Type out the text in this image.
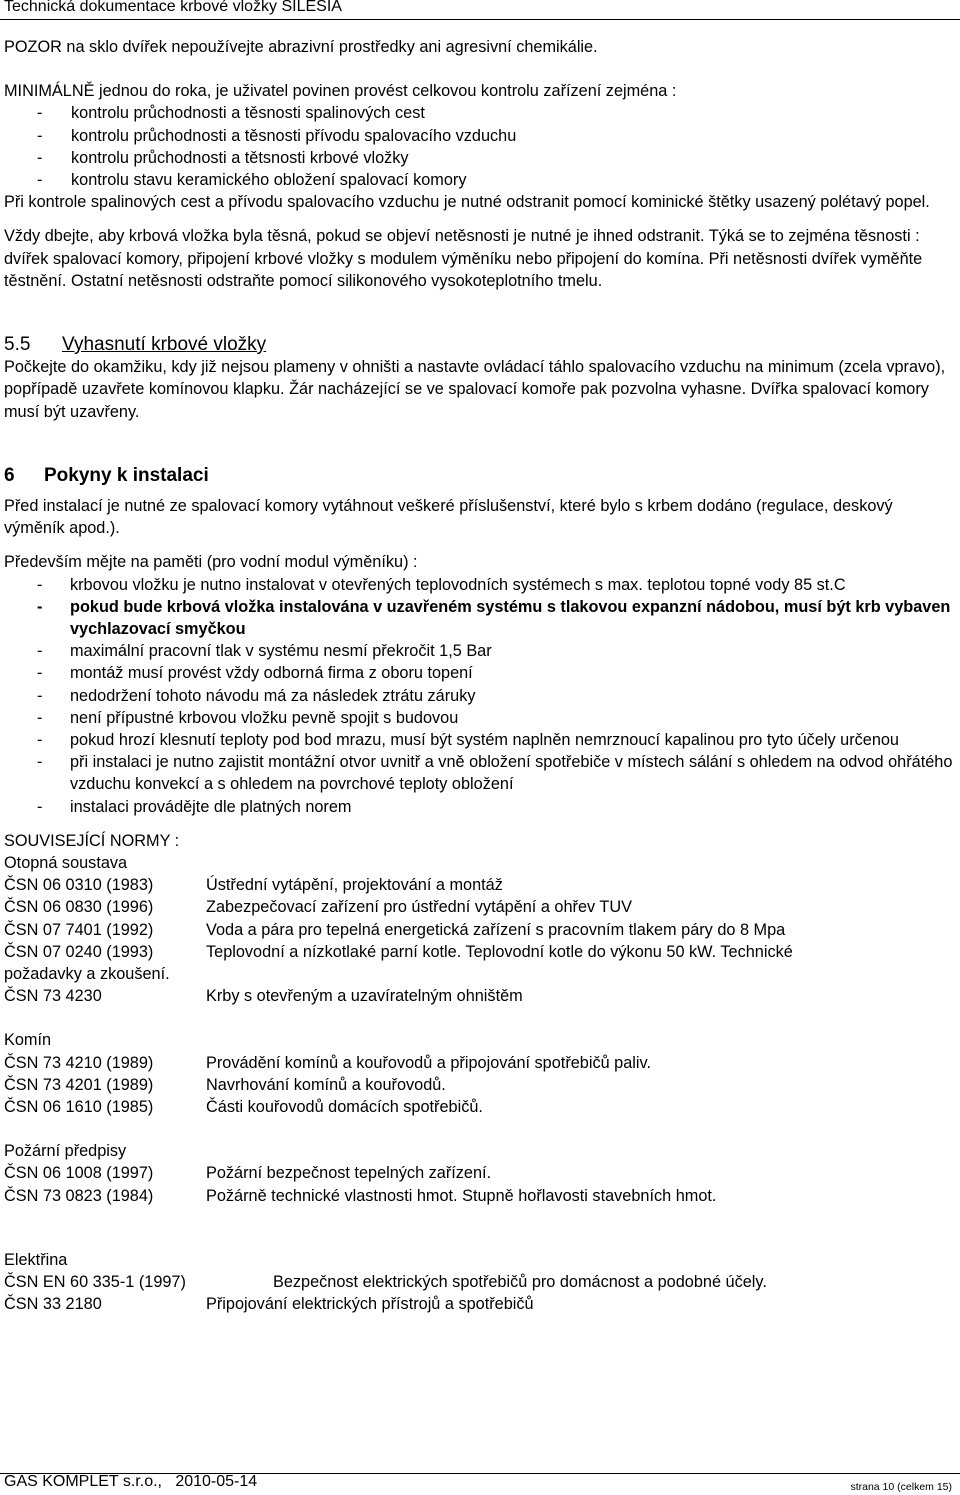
Technická dokumentace krbové vložky SILESIA

POZOR na sklo dvířek nepoužívejte abrazivní prostředky ani agresivní chemikálie.

MINIMÁLNĚ jednou do roka, je uživatel povinen provést celkovou kontrolu zařízení zejména :

- kontrolu průchodnosti a těsnosti spalinových cest
- kontrolu průchodnosti a těsnosti přívodu spalovacího vzduchu
- kontrolu průchodnosti a tětsnosti krbové vložky
- kontrolu stavu keramického obložení spalovací komory

Při kontrole spalinových cest a přívodu spalovacího vzduchu je nutné odstranit pomocí kominické štětky usazený polétavý popel.

Vždy dbejte, aby krbová vložka byla těsná, pokud se objeví netěsnosti je nutné je ihned odstranit. Týká se to zejména těsnosti : dvířek spalovací komory, připojení krbové vložky s modulem výměníku nebo připojení do komína. Při netěsnosti dvířek vyměňte těstnění. Ostatní netěsnosti odstraňte pomocí silikonového vysokoteplotního tmelu.

5.5 Vyhasnutí krbové vložky

Počkejte do okamžiku, kdy již nejsou plameny v ohništi a nastavte ovládací táhlo spalovacího vzduchu na minimum (zcela vpravo), popřípadě uzavřete komínovou klapku. Žár nacházející se ve spalovací komoře pak pozvolna vyhasne. Dvířka spalovací komory musí být uzavřeny.

6 Pokyny k instalaci

Před instalací je nutné ze spalovací komory vytáhnout veškeré příslušenství, které bylo s krbem dodáno (regulace, deskový výměník apod.).

Především mějte na paměti (pro vodní modul výměníku) :

- krbovou vložku je nutno instalovat v otevřených teplovodních systémech s max. teplotou topné vody 85 st.C
- pokud bude krbová vložka instalována v uzavřeném systému s tlakovou expanzní nádobou, musí být krb vybaven vychlazovací smyčkou
- maximální pracovní tlak v systému nesmí překročit 1,5 Bar
- montáž musí provést vždy odborná firma z oboru topení
- nedodržení tohoto návodu má za následek ztrátu záruky
- není přípustné krbovou vložku pevně spojit s budovou
- pokud hrozí klesnutí teploty pod bod mrazu, musí být systém naplněn nemrznoucí kapalinou pro tyto účely určenou
- při instalaci je nutno zajistit montážní otvor uvnitř a vně obložení spotřebiče v místech sálání s ohledem na odvod ohřátého vzduchu konvekcí a s ohledem na povrchové teploty obložení
- instalaci provádějte dle platných norem

SOUVISEJÍCÍ NORMY :

Otopná soustava

ČSN 06 0310 (1983)	Ústřední vytápění, projektování a montáž
ČSN 06 0830 (1996)	Zabezpečovací zařízení pro ústřední vytápění a ohřev TUV
ČSN 07 7401 (1992)	Voda a pára pro tepelná energetická zařízení s pracovním tlakem páry do 8 Mpa
ČSN 07 0240 (1993)	Teplovodní a nízkotlaké parní kotle. Teplovodní kotle do výkonu 50 kW. Technické

požadavky a zkoušení.

ČSN 73 4230	Krby s otevřeným a uzavíratelným ohništěm

Komín

ČSN 73 4210 (1989)	Provádění komínů a kouřovodů a připojování spotřebičů paliv.
ČSN 73 4201 (1989)	Navrhování komínů a kouřovodů.
ČSN 06 1610 (1985)	Části kouřovodů domácích spotřebičů.

Požární předpisy

ČSN 06 1008 (1997)	Požární bezpečnost tepelných zařízení.
ČSN 73 0823 (1984)	Požárně technické vlastnosti hmot. Stupně hořlavosti stavebních hmot.

Elektřina

ČSN EN 60 335-1 (1997)	Bezpečnost elektrických spotřebičů pro domácnost a podobné účely.
ČSN 33 2180	Připojování elektrických přístrojů a spotřebičů
GAS KOMPLET s.r.o.,   2010-05-14	strana 10 (celkem 15)
